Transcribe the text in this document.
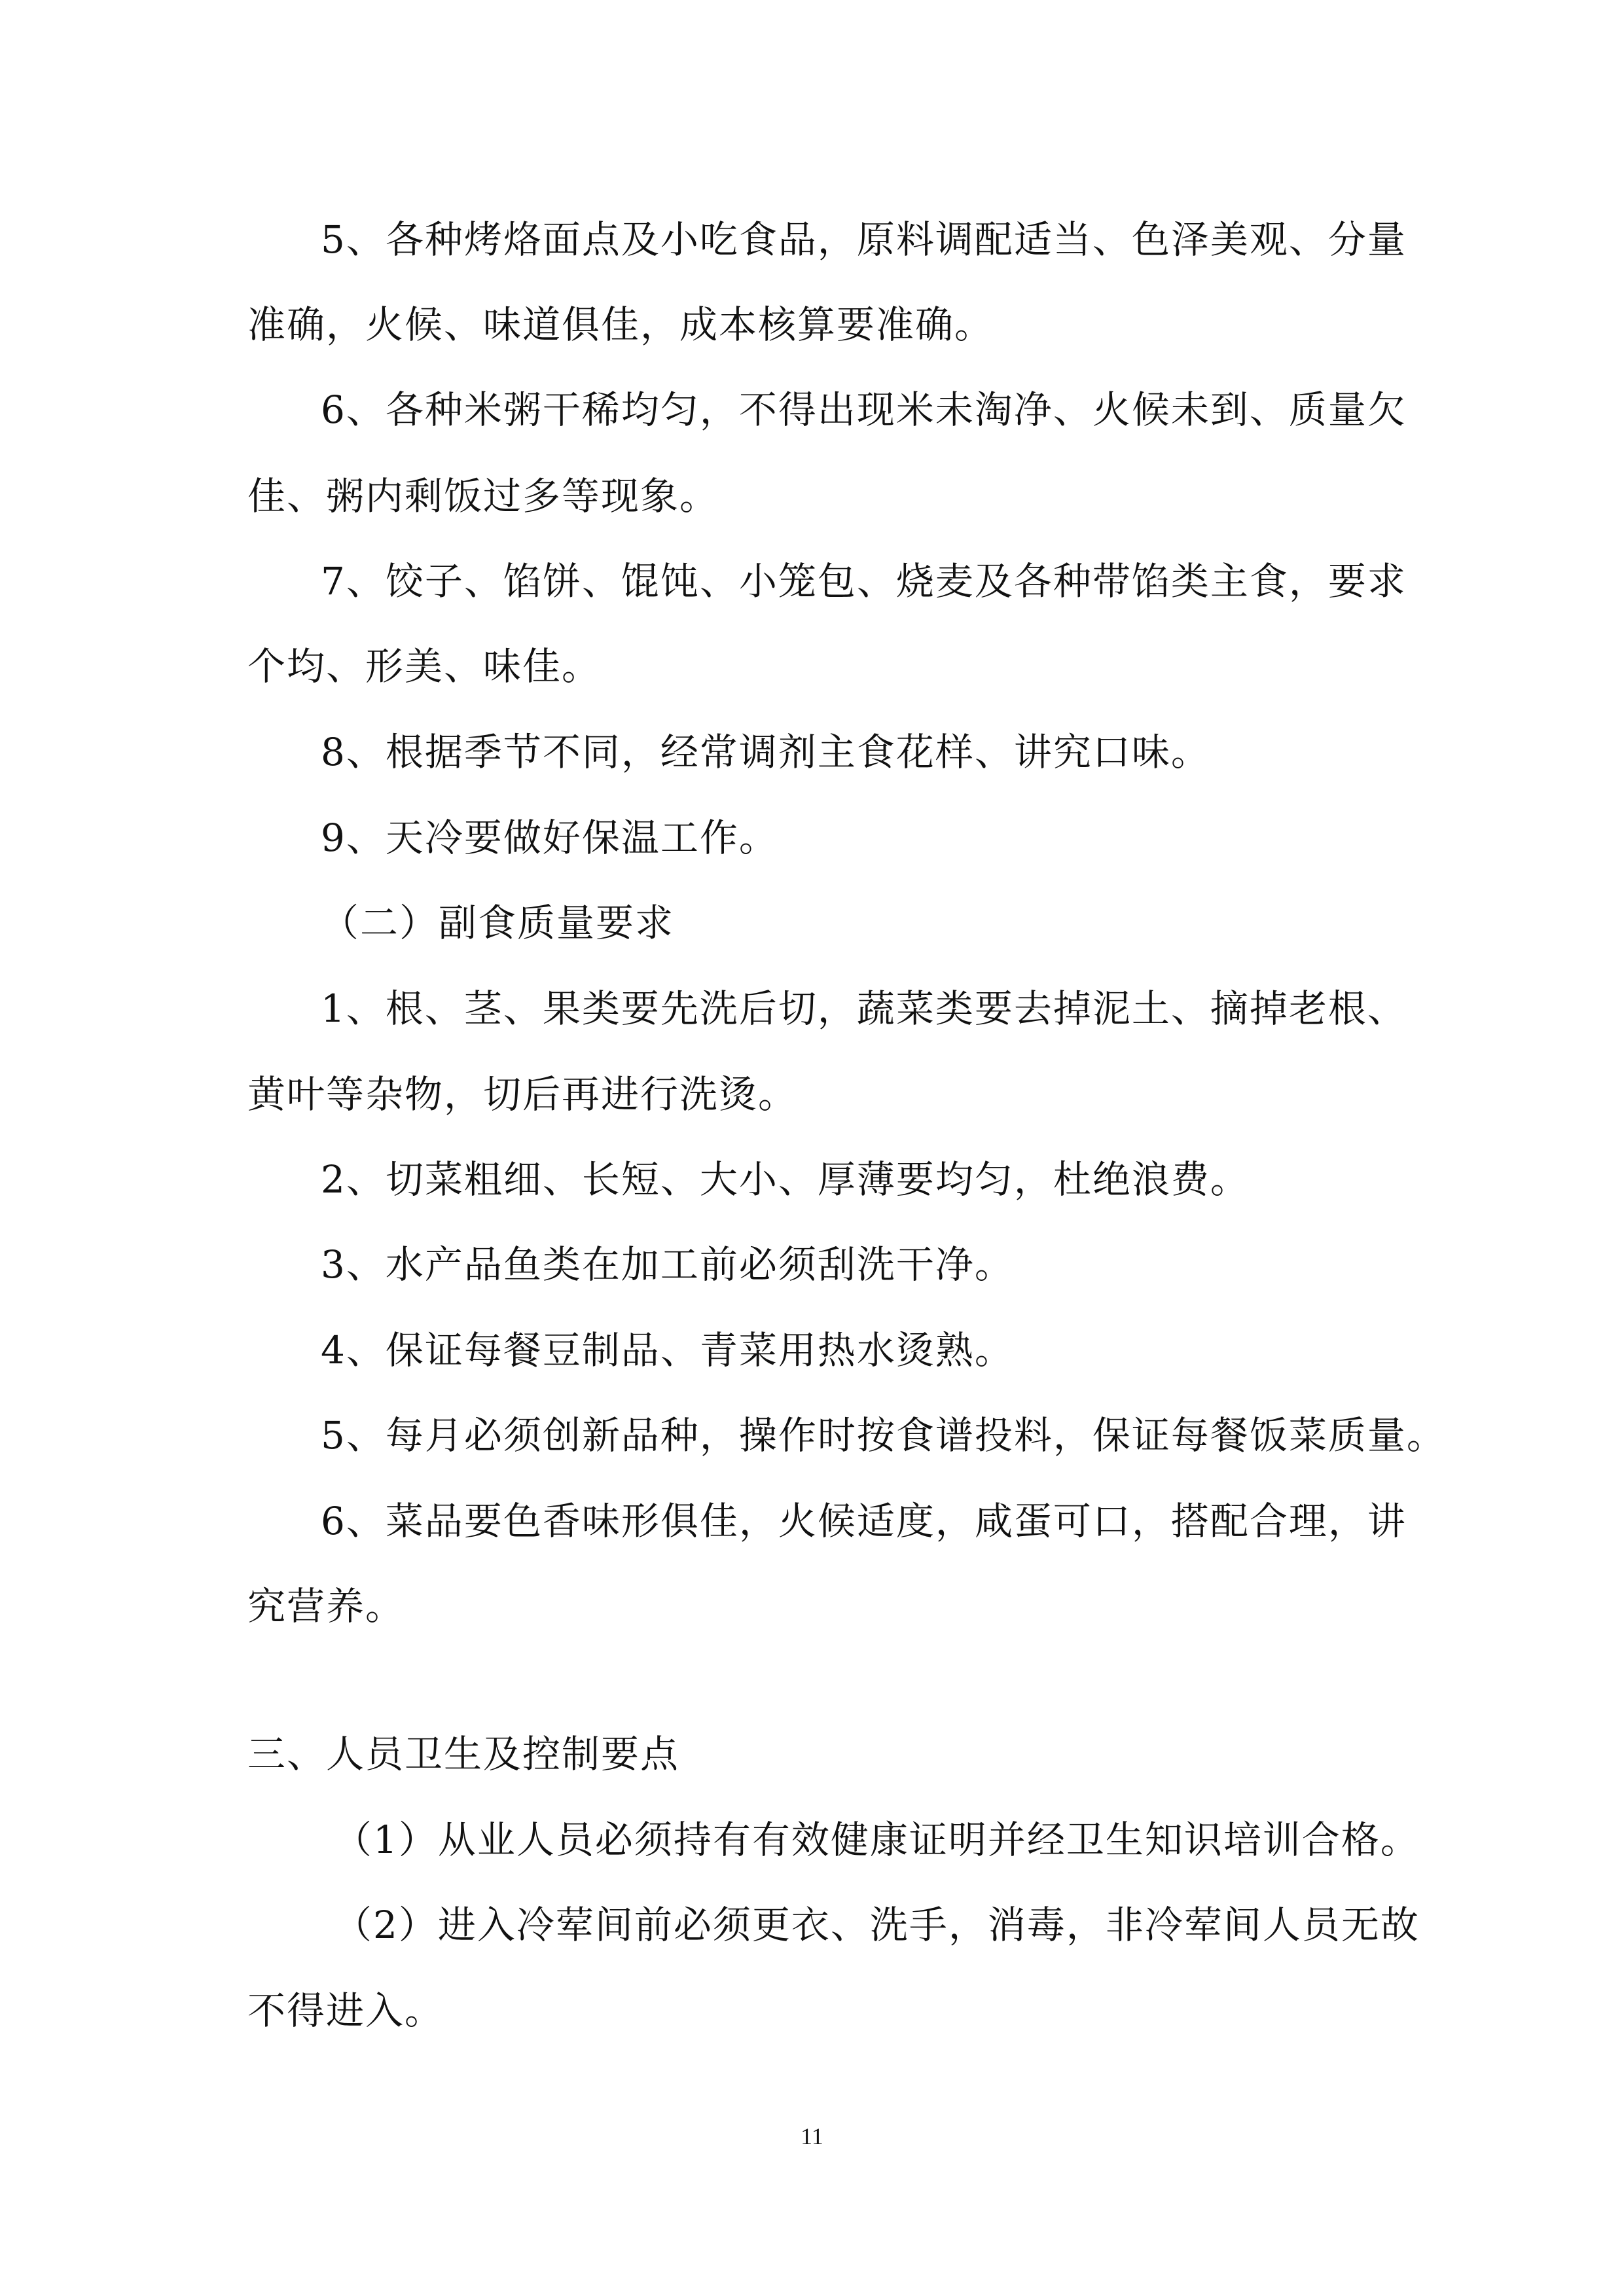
5、各种烤烙面点及小吃食品，原料调配适当、色泽美观、分量
准确，火候、味道俱佳，成本核算要准确。
6、各种米粥干稀均匀，不得出现米未淘净、火候未到、质量欠
佳、粥内剩饭过多等现象。
7、饺子、馅饼、馄饨、小笼包、烧麦及各种带馅类主食，要求
个均、形美、味佳。
8、根据季节不同，经常调剂主食花样、讲究口味。
9、天冷要做好保温工作。
（二）副食质量要求
1、根、茎、果类要先洗后切，蔬菜类要去掉泥土、摘掉老根、
黄叶等杂物，切后再进行洗烫。
2、切菜粗细、长短、大小、厚薄要均匀，杜绝浪费。
3、水产品鱼类在加工前必须刮洗干净。
4、保证每餐豆制品、青菜用热水烫熟。
5、每月必须创新品种，操作时按食谱投料，保证每餐饭菜质量。
6、菜品要色香味形俱佳，火候适度，咸蛋可口，搭配合理，讲
究营养。
三、人员卫生及控制要点
（1）从业人员必须持有有效健康证明并经卫生知识培训合格。
（2）进入冷荤间前必须更衣、洗手，消毒，非冷荤间人员无故
不得进入。
11
